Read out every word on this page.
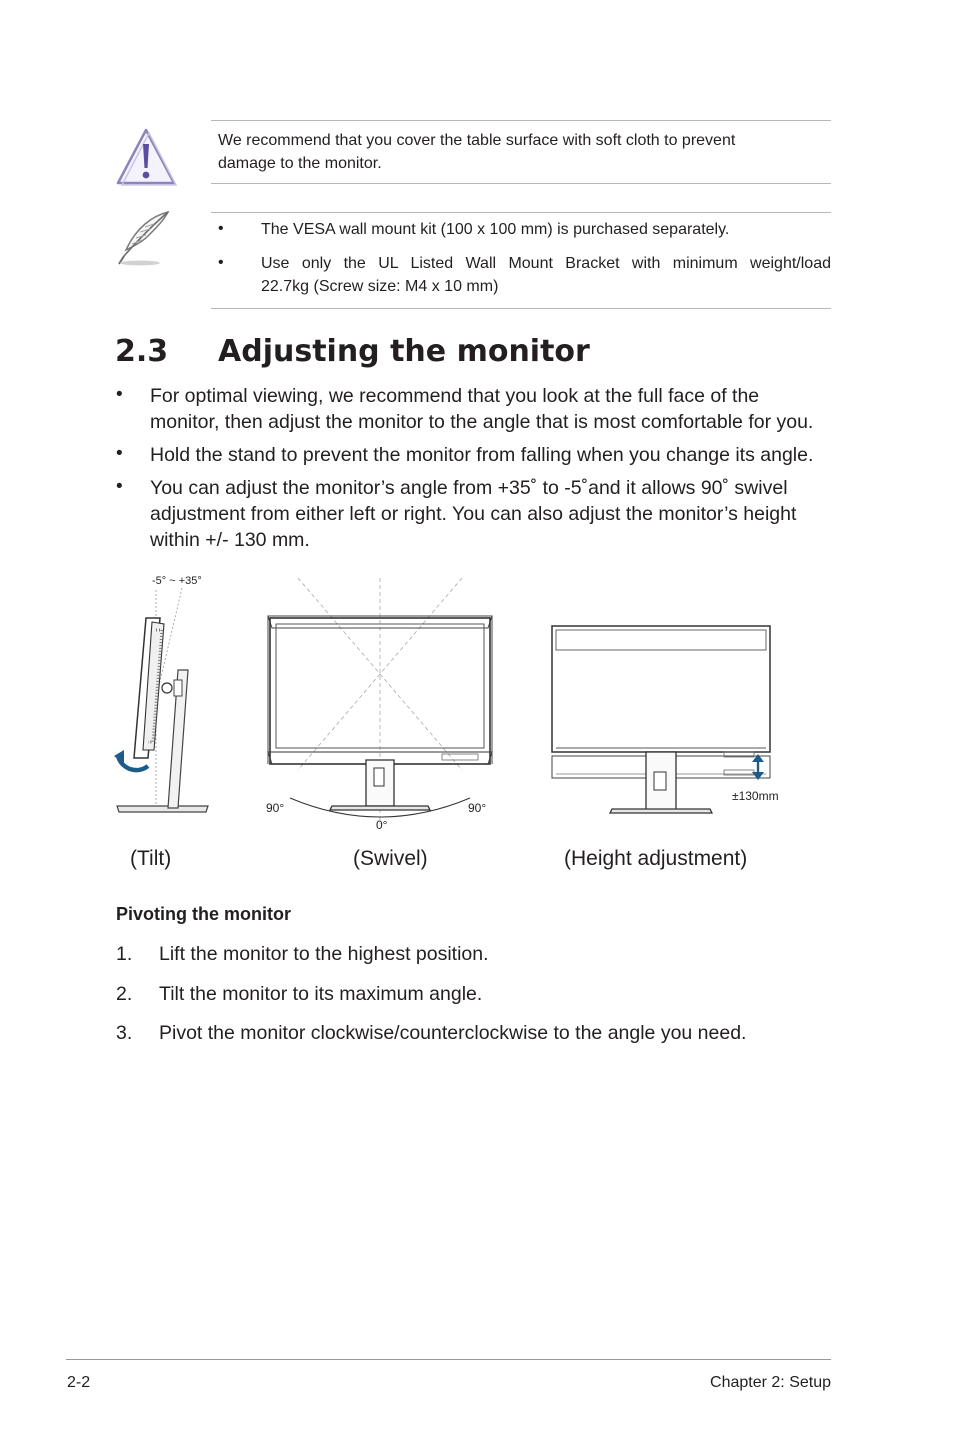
We recommend that you cover the table surface with soft cloth to prevent
damage to the monitor.
• The VESA wall mount kit (100 x 100 mm) is purchased separately.
• Use only the UL Listed Wall Mount Bracket with minimum weight/load
22.7kg (Screw size: M4 x 10 mm)
2.3 Adjusting the monitor
• For optimal viewing, we recommend that you look at the full face of the
monitor, then adjust the monitor to the angle that is most comfortable for you.
• Hold the stand to prevent the monitor from falling when you change its angle.
• You can adjust the monitor’s angle from +35˚ to -5˚and it allows 90˚ swivel
adjustment from either left or right. You can also adjust the monitor’s height
within +/- 130 mm.
-5° ~ +35°
90°	90°
0°
±130mm
(Tilt)	(Swivel)	(Height adjustment)
Pivoting the monitor
1. Lift the monitor to the highest position.
2. Tilt the monitor to its maximum angle.
3. Pivot the monitor clockwise/counterclockwise to the angle you need.
2-2	Chapter 2: Setup
